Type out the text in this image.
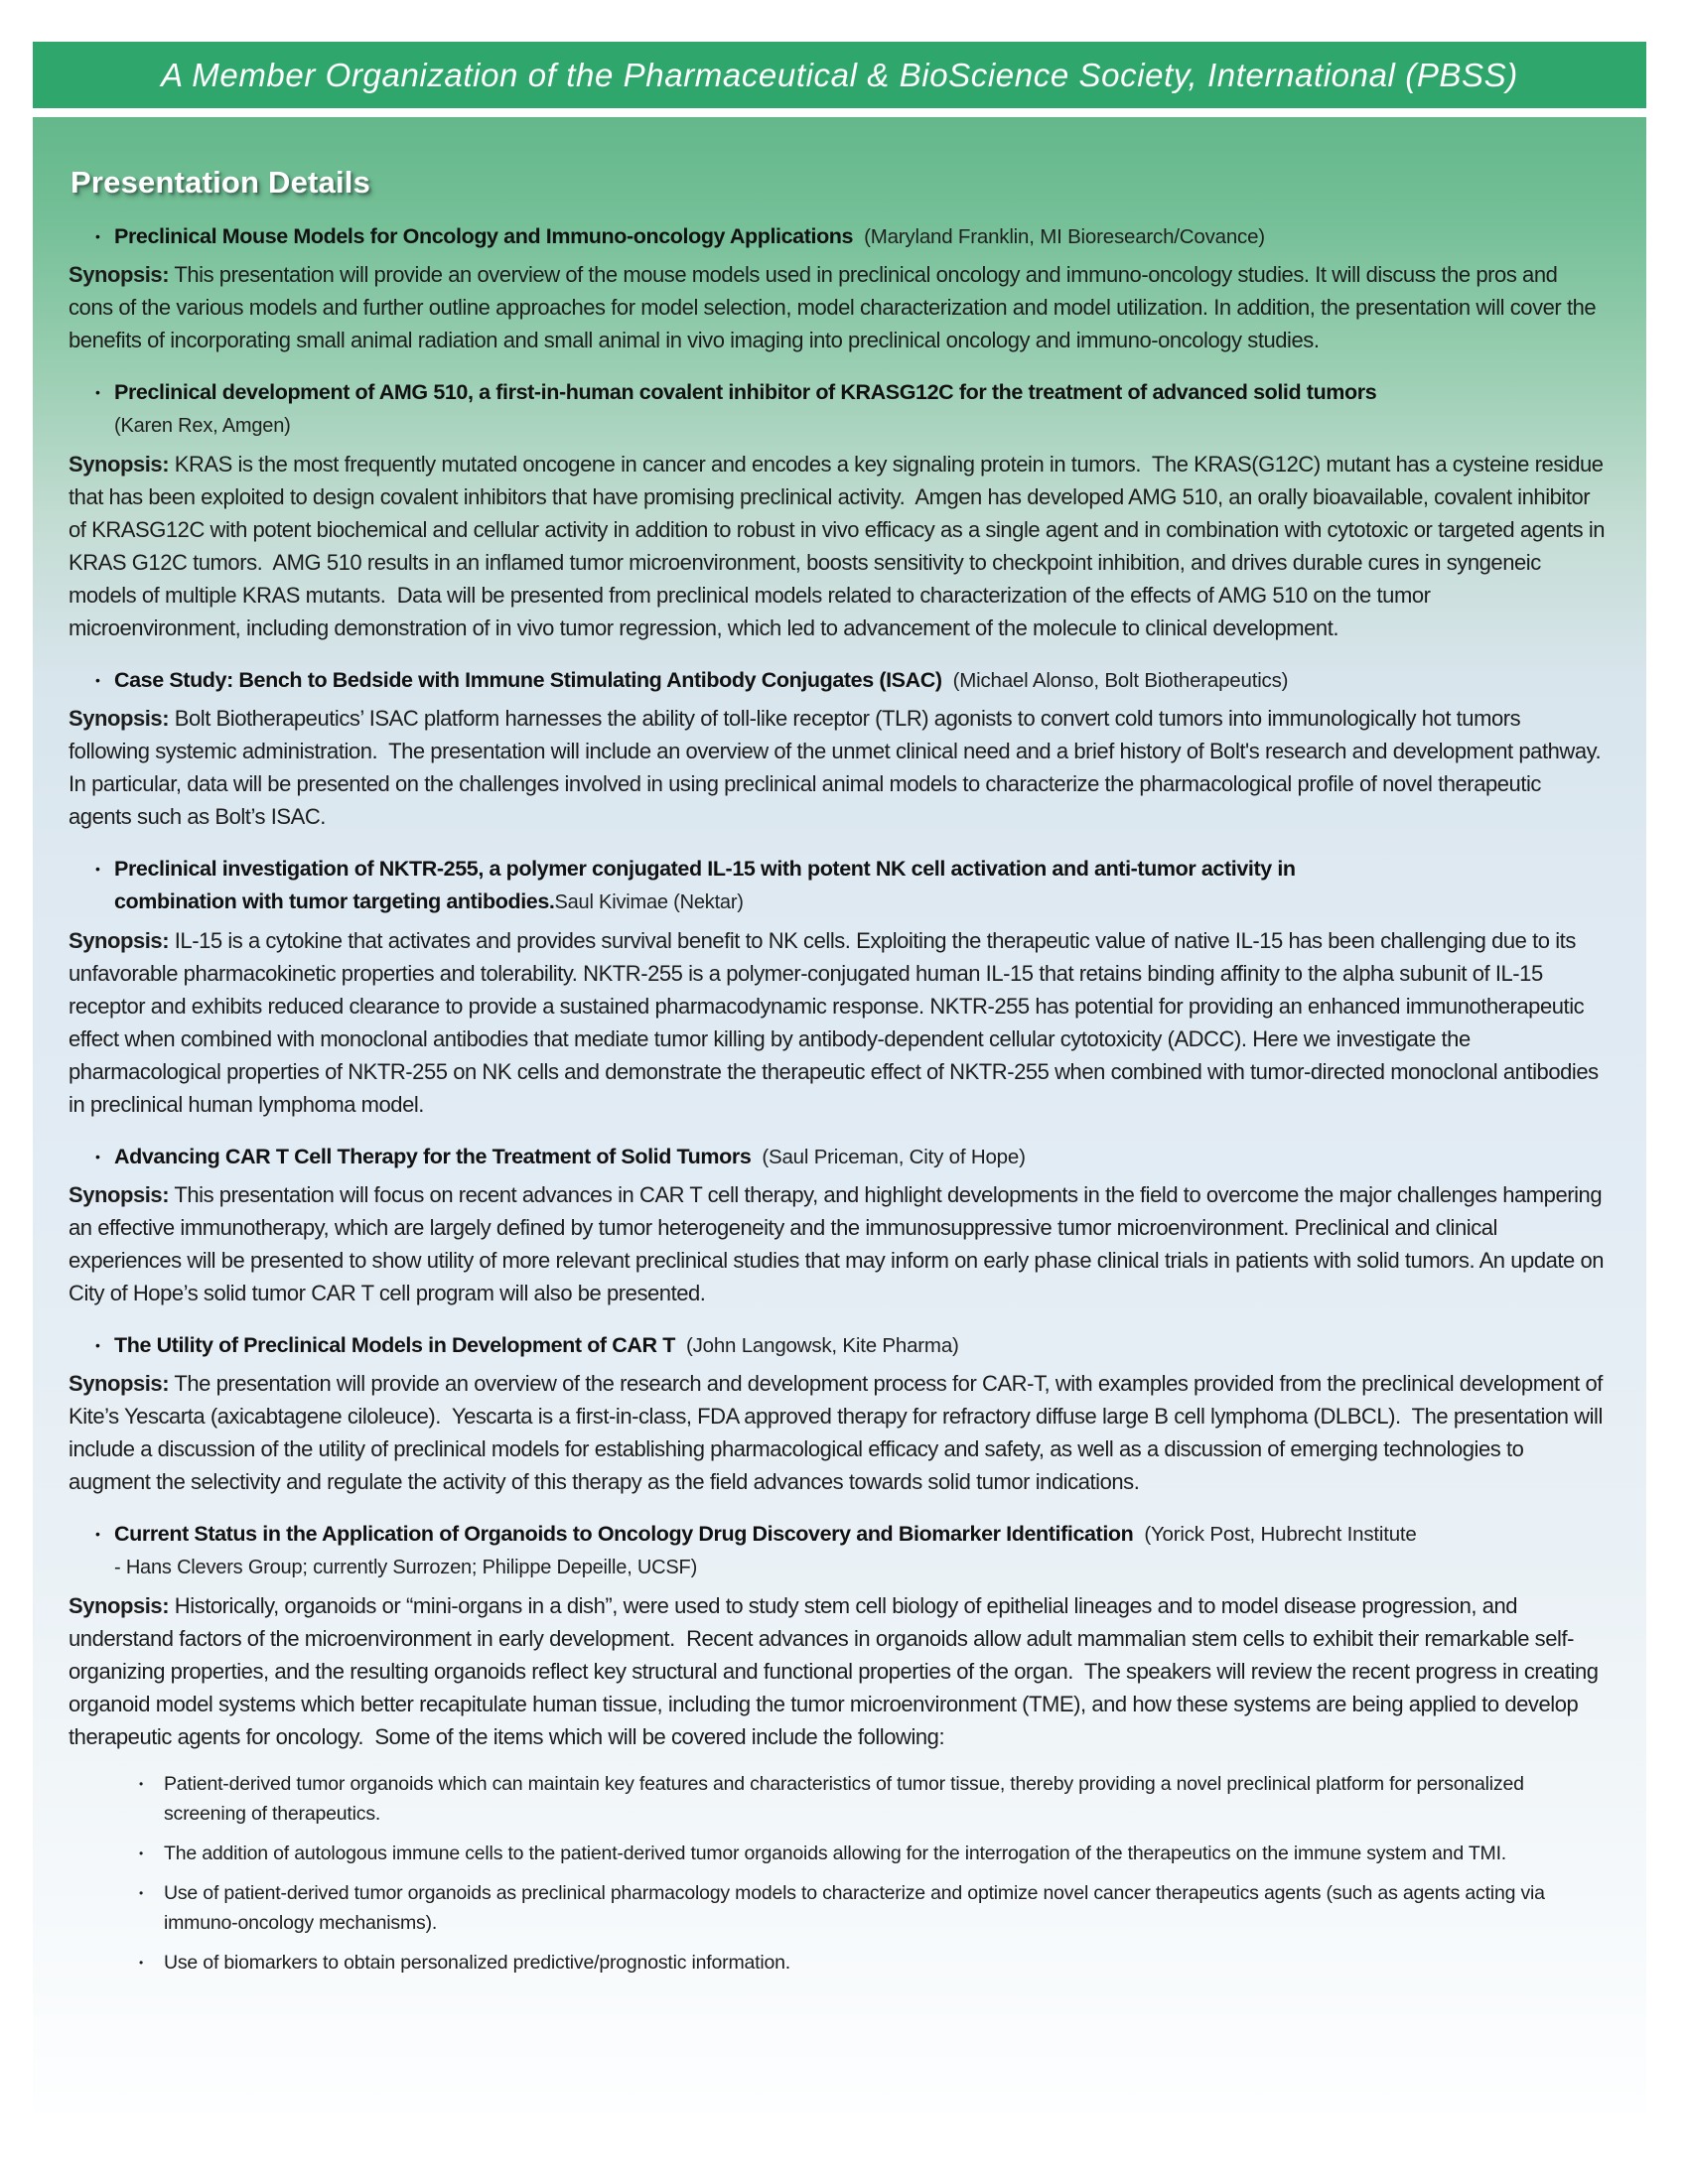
A Member Organization of the Pharmaceutical & BioScience Society, International (PBSS)
Presentation Details
• Preclinical Mouse Models for Oncology and Immuno-oncology Applications (Maryland Franklin, MI Bioresearch/Covance)

Synopsis: This presentation will provide an overview of the mouse models used in preclinical oncology and immuno-oncology studies. It will discuss the pros and cons of the various models and further outline approaches for model selection, model characterization and model utilization. In addition, the presentation will cover the benefits of incorporating small animal radiation and small animal in vivo imaging into preclinical oncology and immuno-oncology studies.

• Preclinical development of AMG 510, a first-in-human covalent inhibitor of KRASG12C for the treatment of advanced solid tumors
(Karen Rex, Amgen)

Synopsis: KRAS is the most frequently mutated oncogene in cancer and encodes a key signaling protein in tumors.  The KRAS(G12C) mutant has a cysteine residue that has been exploited to design covalent inhibitors that have promising preclinical activity.  Amgen has developed AMG 510, an orally bioavailable, covalent inhibitor of KRASG12C with potent biochemical and cellular activity in addition to robust in vivo efficacy as a single agent and in combination with cytotoxic or targeted agents in KRAS G12C tumors.  AMG 510 results in an inflamed tumor microenvironment, boosts sensitivity to checkpoint inhibition, and drives durable cures in syngeneic models of multiple KRAS mutants.  Data will be presented from preclinical models related to characterization of the effects of AMG 510 on the tumor microenvironment, including demonstration of in vivo tumor regression, which led to advancement of the molecule to clinical development.

• Case Study: Bench to Bedside with Immune Stimulating Antibody Conjugates (ISAC) (Michael Alonso, Bolt Biotherapeutics)

Synopsis: Bolt Biotherapeutics’ ISAC platform harnesses the ability of toll-like receptor (TLR) agonists to convert cold tumors into immunologically hot tumors following systemic administration.  The presentation will include an overview of the unmet clinical need and a brief history of Bolt's research and development pathway.  In particular, data will be presented on the challenges involved in using preclinical animal models to characterize the pharmacological profile of novel therapeutic agents such as Bolt’s ISAC.

• Preclinical investigation of NKTR-255, a polymer conjugated IL-15 with potent NK cell activation and anti-tumor activity in
combination with tumor targeting antibodies.Saul Kivimae (Nektar)

Synopsis: IL-15 is a cytokine that activates and provides survival benefit to NK cells. Exploiting the therapeutic value of native IL-15 has been challenging due to its unfavorable pharmacokinetic properties and tolerability. NKTR-255 is a polymer-conjugated human IL-15 that retains binding affinity to the alpha subunit of IL-15 receptor and exhibits reduced clearance to provide a sustained pharmacodynamic response. NKTR-255 has potential for providing an enhanced immunotherapeutic effect when combined with monoclonal antibodies that mediate tumor killing by antibody-dependent cellular cytotoxicity (ADCC). Here we investigate the pharmacological properties of NKTR-255 on NK cells and demonstrate the therapeutic effect of NKTR-255 when combined with tumor-directed monoclonal antibodies in preclinical human lymphoma model.

• Advancing CAR T Cell Therapy for the Treatment of Solid Tumors (Saul Priceman, City of Hope)

Synopsis: This presentation will focus on recent advances in CAR T cell therapy, and highlight developments in the field to overcome the major challenges hampering an effective immunotherapy, which are largely defined by tumor heterogeneity and the immunosuppressive tumor microenvironment. Preclinical and clinical experiences will be presented to show utility of more relevant preclinical studies that may inform on early phase clinical trials in patients with solid tumors. An update on City of Hope’s solid tumor CAR T cell program will also be presented.

• The Utility of Preclinical Models in Development of CAR T (John Langowsk, Kite Pharma)

Synopsis: The presentation will provide an overview of the research and development process for CAR-T, with examples provided from the preclinical development of Kite’s Yescarta (axicabtagene ciloleuce).  Yescarta is a first-in-class, FDA approved therapy for refractory diffuse large B cell lymphoma (DLBCL).  The presentation will include a discussion of the utility of preclinical models for establishing pharmacological efficacy and safety, as well as a discussion of emerging technologies to augment the selectivity and regulate the activity of this therapy as the field advances towards solid tumor indications.

• Current Status in the Application of Organoids to Oncology Drug Discovery and Biomarker Identification (Yorick Post, Hubrecht Institute
- Hans Clevers Group; currently Surrozen; Philippe Depeille, UCSF)

Synopsis: Historically, organoids or “mini-organs in a dish”, were used to study stem cell biology of epithelial lineages and to model disease progression, and understand factors of the microenvironment in early development.  Recent advances in organoids allow adult mammalian stem cells to exhibit their remarkable self-organizing properties, and the resulting organoids reflect key structural and functional properties of the organ.  The speakers will review the recent progress in creating organoid model systems which better recapitulate human tissue, including the tumor microenvironment (TME), and how these systems are being applied to develop therapeutic agents for oncology.  Some of the items which will be covered include the following:

• Patient-derived tumor organoids which can maintain key features and characteristics of tumor tissue, thereby providing a novel preclinical platform for personalized screening of therapeutics.
• The addition of autologous immune cells to the patient-derived tumor organoids allowing for the interrogation of the therapeutics on the immune system and TMI.
• Use of patient-derived tumor organoids as preclinical pharmacology models to characterize and optimize novel cancer therapeutics agents (such as agents acting via immuno-oncology mechanisms).
• Use of biomarkers to obtain personalized predictive/prognostic information.
